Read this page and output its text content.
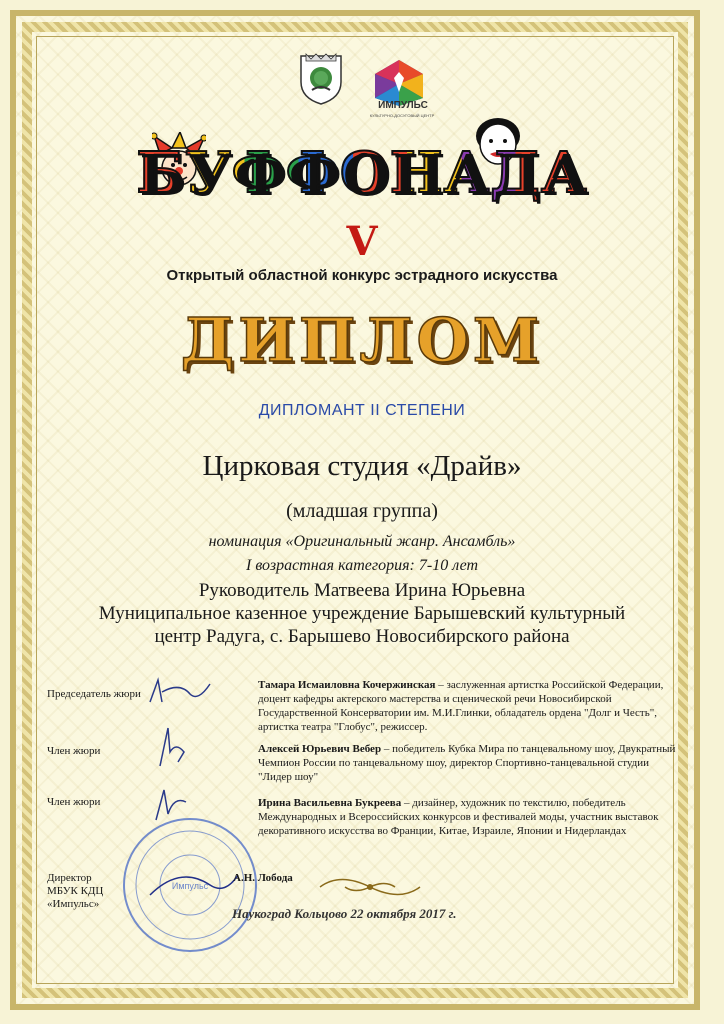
ИМПУЛЬС
КУЛЬТУРНО-ДОСУГОВЫЙ ЦЕНТР
БУФФОНАДА
V
Открытый областной конкурс эстрадного искусства
ДИПЛОМ
ДИПЛОМАНТ II СТЕПЕНИ
Цирковая студия «Драйв»
(младшая группа)
номинация «Оригинальный жанр. Ансамбль»
I возрастная категория: 7-10 лет
Руководитель Матвеева Ирина Юрьевна
Муниципальное казенное учреждение Барышевский культурный
центр Радуга, с. Барышево Новосибирского района
Председатель жюри
Тамара Исмаиловна Кочержинская – заслуженная артистка Российской Федерации, доцент кафедры актерского мастерства и сценической речи Новосибирской Государственной Консерватории им. М.И.Глинки, обладатель ордена "Долг и Честь", артистка театра "Глобус", режиссер.
Член жюри	Алексей Юрьевич Вебер – победитель Кубка Мира по танцевальному шоу, Двукратный Чемпион России по танцевальному шоу, директор Спортивно-танцевальной студии "Лидер шоу"
Член жюри	Ирина Васильевна Букреева – дизайнер, художник по текстилю, победитель Международных и Всероссийских конкурсов и фестивалей моды, участник выставок декоративного искусства во Франции, Китае, Израиле, Японии и Нидерландах
Директор
МБУК КДЦ
«Импульс»
Импульс
А.Н. Лобода
Наукоград Кольцово 22 октября 2017 г.
